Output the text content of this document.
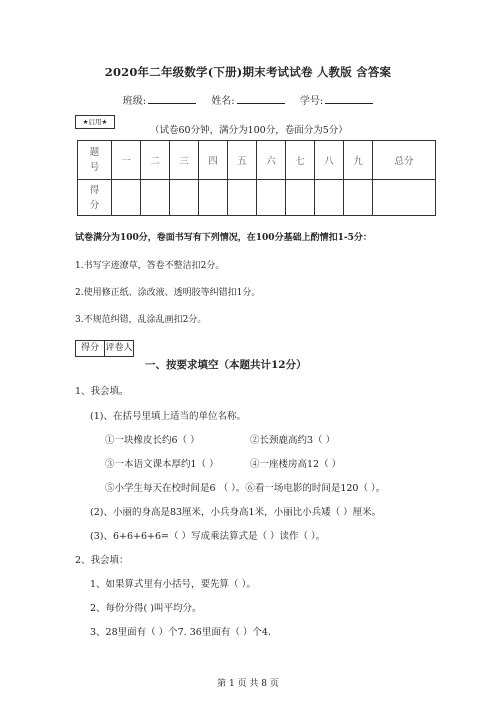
2020年二年级数学(下册)期末考试试卷 人教版 含答案
班级:	姓名:	学号:
★启用★
（试卷60分钟，满分为100分，卷面分为5分）
题号	一	二	三	四	五	六	七	八	九	总分
得分										
试卷满分为100分，卷面书写有下列情况，在100分基础上酌情扣1-5分：
1.书写字迹潦草，答卷不整洁扣2分。
2.使用修正纸、涂改液、透明胶等纠错扣1分。
3.不规范纠错，乱涂乱画扣2分。
得分 评卷人
一、按要求填空（本题共计12分）
1、我会填。
(1)、在括号里填上适当的单位名称。
①一块橡皮长约6（ ）	②长颈鹿高约3（ ）
③一本语文课本厚约1（ ）	④一座楼房高12（ ）
⑤小学生每天在校时间是6 （ ）。⑥看一场电影的时间是120（ ）。
(2)、小丽的身高是83厘米，小兵身高1米，小丽比小兵矮（ ）厘米。
(3)、6+6+6+6=（ ）写成乘法算式是（ ）读作（ ）。
2、我会填：
1、如果算式里有小括号，要先算（ ）。
2、每份分得( )叫平均分。
3、28里面有（ ）个7. 36里面有（ ）个4.
第 1 页 共 8 页
